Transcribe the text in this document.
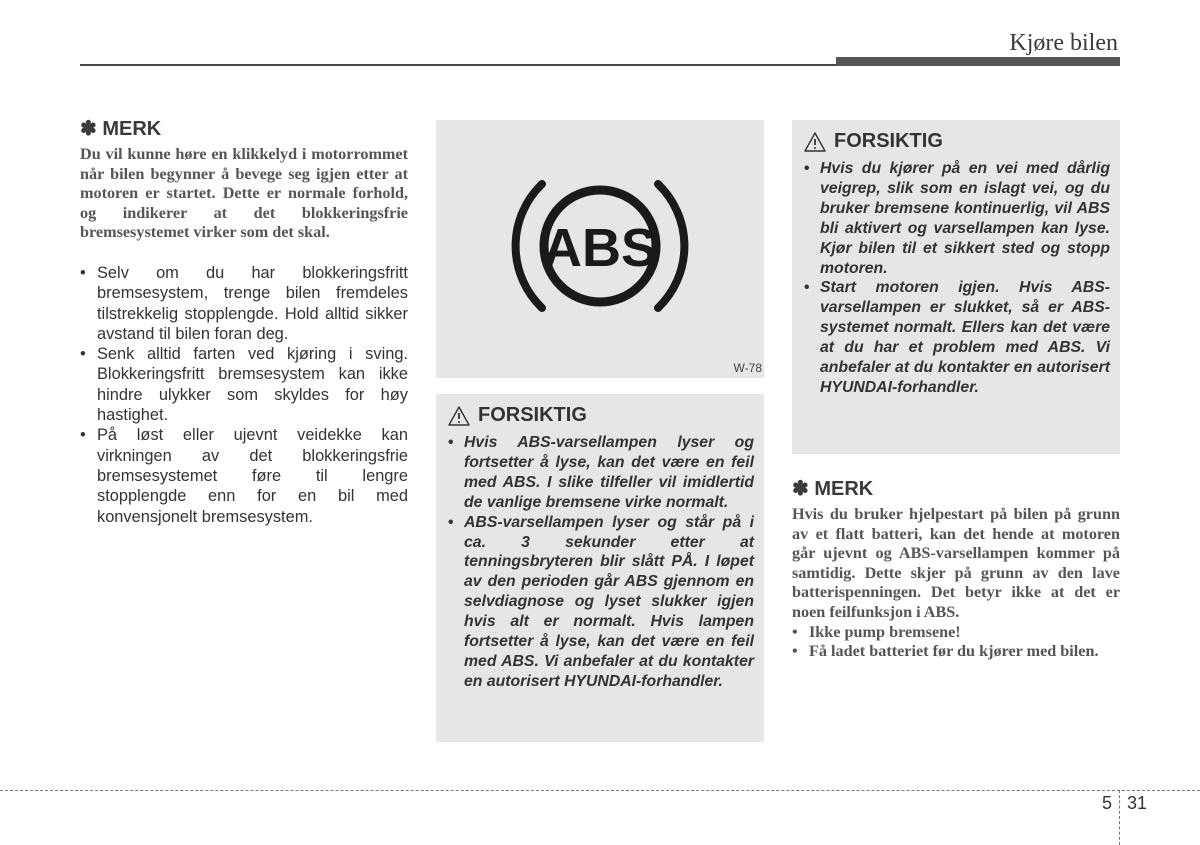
Kjøre bilen
✽ MERK

Du vil kunne høre en klikkelyd i motorrommet når bilen begynner å bevege seg igjen etter at motoren er startet. Dette er normale forhold, og indikerer at det blokkeringsfrie bremsesystemet virker som det skal.

• Selv om du har blokkeringsfritt bremsesystem, trenge bilen fremdeles tilstrekkelig stopplengde. Hold alltid sikker avstand til bilen foran deg.
• Senk alltid farten ved kjøring i sving. Blokkeringsfritt bremsesystem kan ikke hindre ulykker som skyldes for høy hastighet.
• På løst eller ujevnt veidekke kan virkningen av det blokkeringsfrie bremsesystemet føre til lengre stopplengde enn for en bil med konvensjonelt bremsesystem.
ABS
W-78
FORSIKTIG
• Hvis ABS-varsellampen lyser og fortsetter å lyse, kan det være en feil med ABS. I slike tilfeller vil imidlertid de vanlige bremsene virke normalt.
• ABS-varsellampen lyser og står på i ca. 3 sekunder etter at tenningsbryteren blir slått PÅ. I løpet av den perioden går ABS gjennom en selvdiagnose og lyset slukker igjen hvis alt er normalt. Hvis lampen fortsetter å lyse, kan det være en feil med ABS. Vi anbefaler at du kontakter en autorisert HYUNDAI-forhandler.
FORSIKTIG
• Hvis du kjører på en vei med dårlig veigrep, slik som en islagt vei, og du bruker bremsene kontinuerlig, vil ABS bli aktivert og varsellampen kan lyse. Kjør bilen til et sikkert sted og stopp motoren.
• Start motoren igjen. Hvis ABS-varsellampen er slukket, så er ABS-systemet normalt. Ellers kan det være at du har et problem med ABS. Vi anbefaler at du kontakter en autorisert HYUNDAI-forhandler.
✽ MERK

Hvis du bruker hjelpestart på bilen på grunn av et flatt batteri, kan det hende at motoren går ujevnt og ABS-varsellampen kommer på samtidig. Dette skjer på grunn av den lave batterispenningen. Det betyr ikke at det er noen feilfunksjon i ABS.

• Ikke pump bremsene!
• Få ladet batteriet før du kjører med bilen.
5 31
